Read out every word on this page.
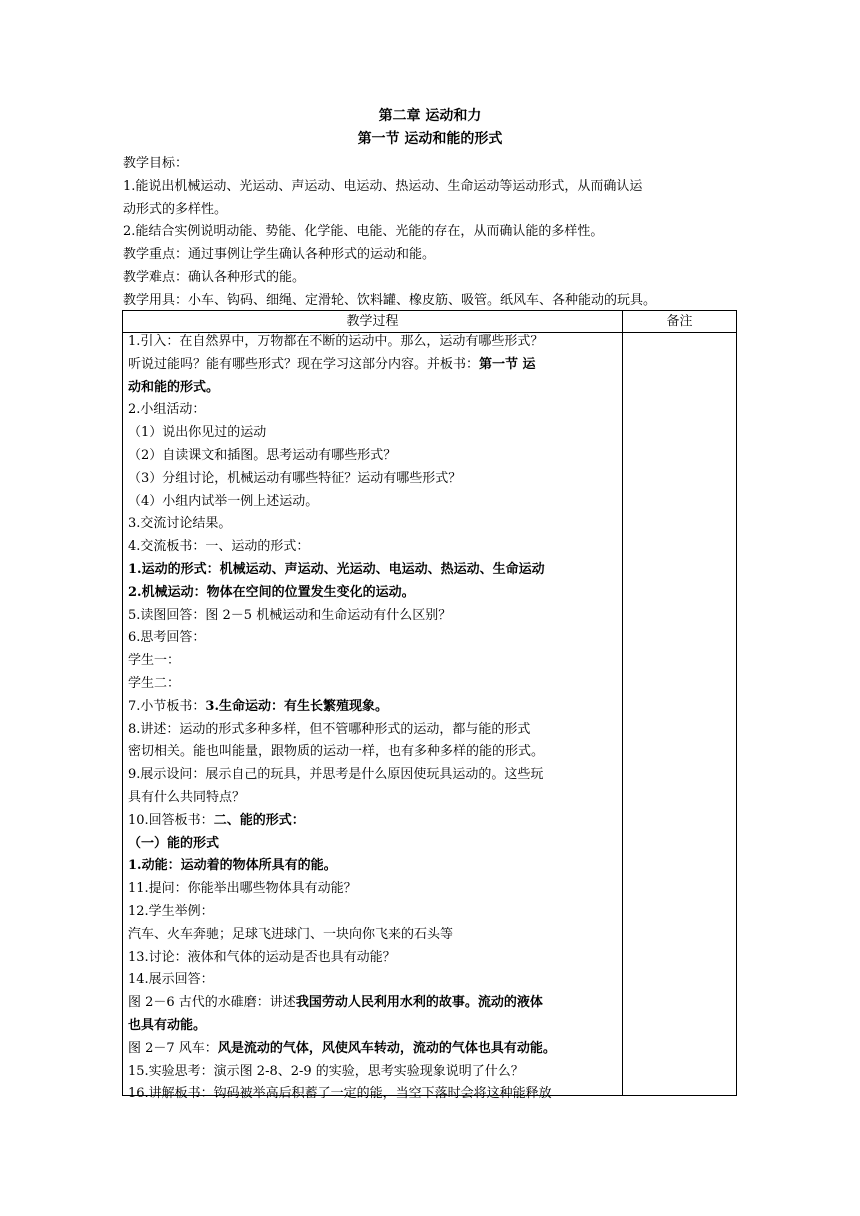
第二章 运动和力
第一节 运动和能的形式

教学目标：

1.能说出机械运动、光运动、声运动、电运动、热运动、生命运动等运动形式，从而确认运

动形式的多样性。

2.能结合实例说明动能、势能、化学能、电能、光能的存在，从而确认能的多样性。

教学重点：通过事例让学生确认各种形式的运动和能。

教学难点：确认各种形式的能。

教学用具：小车、钩码、细绳、定滑轮、饮料罐、橡皮筋、吸管。纸风车、各种能动的玩具。

教学过程	备注

1.引入：在自然界中，万物都在不断的运动中。那么，运动有哪些形式？

听说过能吗？能有哪些形式？现在学习这部分内容。并板书：第一节 运

动和能的形式。

2.小组活动：

（1）说出你见过的运动

（2）自读课文和插图。思考运动有哪些形式？

（3）分组讨论，机械运动有哪些特征？运动有哪些形式？

（4）小组内试举一例上述运动。

3.交流讨论结果。

4.交流板书：一、运动的形式：

1.运动的形式：机械运动、声运动、光运动、电运动、热运动、生命运动

2.机械运动：物体在空间的位置发生变化的运动。

5.读图回答：图 2－5 机械运动和生命运动有什么区别？

6.思考回答：

学生一：

学生二：

7.小节板书：3.生命运动：有生长繁殖现象。

8.讲述：运动的形式多种多样，但不管哪种形式的运动，都与能的形式

密切相关。能也叫能量，跟物质的运动一样，也有多种多样的能的形式。

9.展示设问：展示自己的玩具，并思考是什么原因使玩具运动的。这些玩

具有什么共同特点？

10.回答板书：二、能的形式：

（一）能的形式

1.动能：运动着的物体所具有的能。

11.提问：你能举出哪些物体具有动能？

12.学生举例：

汽车、火车奔驰；足球飞进球门、一块向你飞来的石头等

13.讨论：液体和气体的运动是否也具有动能？

14.展示回答：

图 2－6 古代的水碓磨：讲述我国劳动人民利用水利的故事。流动的液体

也具有动能。

图 2－7 风车：风是流动的气体，风使风车转动，流动的气体也具有动能。

15.实验思考：演示图 2-8、2-9 的实验，思考实验现象说明了什么？

16.讲解板书：钩码被举高后积蓄了一定的能，当空下落时会将这种能释放
